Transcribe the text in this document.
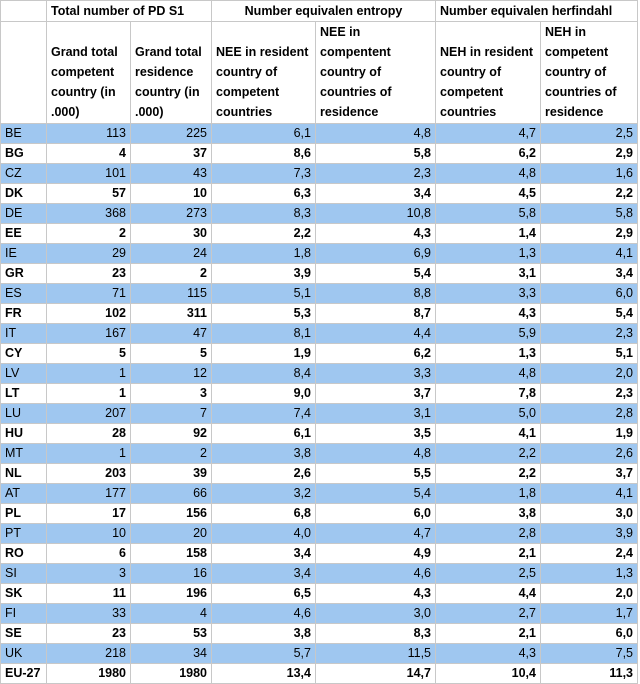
	Total number of PD S1		Number equivalen entropy		Number equivalen herfindahl	
	Grand total competent country (in .000)	Grand total residence country (in .000)	NEE in resident country of competent countries	NEE in compentent country of countries of residence	NEH in resident country of competent countries	NEH in competent country of countries of residence
BE	113	225	6,1	4,8	4,7	2,5
BG	4	37	8,6	5,8	6,2	2,9
CZ	101	43	7,3	2,3	4,8	1,6
DK	57	10	6,3	3,4	4,5	2,2
DE	368	273	8,3	10,8	5,8	5,8
EE	2	30	2,2	4,3	1,4	2,9
IE	29	24	1,8	6,9	1,3	4,1
GR	23	2	3,9	5,4	3,1	3,4
ES	71	115	5,1	8,8	3,3	6,0
FR	102	311	5,3	8,7	4,3	5,4
IT	167	47	8,1	4,4	5,9	2,3
CY	5	5	1,9	6,2	1,3	5,1
LV	1	12	8,4	3,3	4,8	2,0
LT	1	3	9,0	3,7	7,8	2,3
LU	207	7	7,4	3,1	5,0	2,8
HU	28	92	6,1	3,5	4,1	1,9
MT	1	2	3,8	4,8	2,2	2,6
NL	203	39	2,6	5,5	2,2	3,7
AT	177	66	3,2	5,4	1,8	4,1
PL	17	156	6,8	6,0	3,8	3,0
PT	10	20	4,0	4,7	2,8	3,9
RO	6	158	3,4	4,9	2,1	2,4
SI	3	16	3,4	4,6	2,5	1,3
SK	11	196	6,5	4,3	4,4	2,0
FI	33	4	4,6	3,0	2,7	1,7
SE	23	53	3,8	8,3	2,1	6,0
UK	218	34	5,7	11,5	4,3	7,5
EU-27	1980	1980	13,4	14,7	10,4	11,3
